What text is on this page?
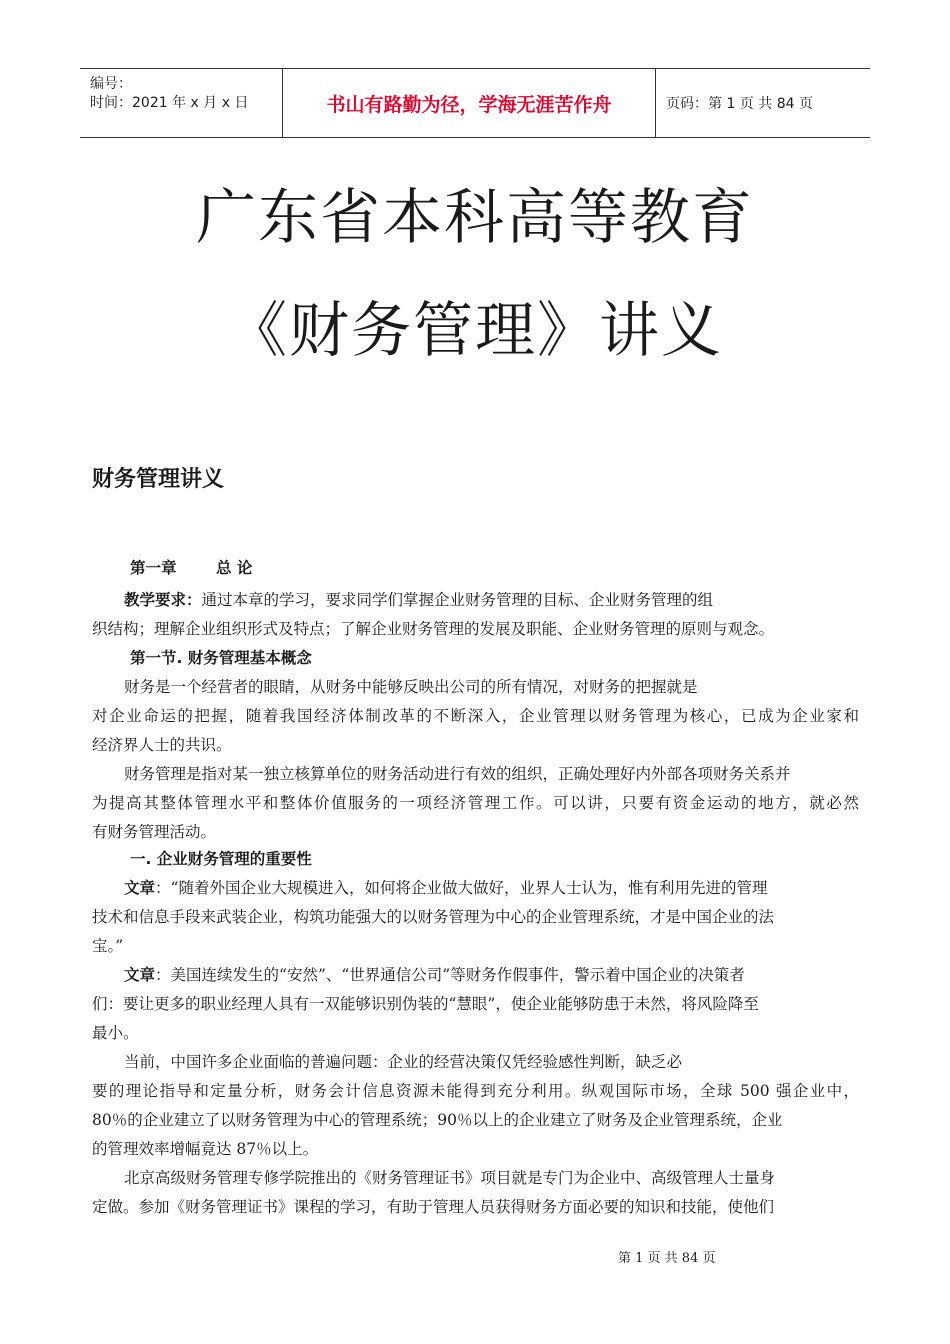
编号：
时间：2021 年 x 月 x 日	书山有路勤为径，学海无涯苦作舟	页码：第 1 页 共 84 页
广东省本科高等教育
《财务管理》讲义
财务管理讲义
第一章	总 论
教学要求：通过本章的学习，要求同学们掌握企业财务管理的目标、企业财务管理的组
织结构；理解企业组织形式及特点；了解企业财务管理的发展及职能、企业财务管理的原则与观念。
第一节. 财务管理基本概念
财务是一个经营者的眼睛，从财务中能够反映出公司的所有情况，对财务的把握就是
对企业命运的把握，随着我国经济体制改革的不断深入，企业管理以财务管理为核心，已成为企业家和
经济界人士的共识。
财务管理是指对某一独立核算单位的财务活动进行有效的组织，正确处理好内外部各项财务关系并
为提高其整体管理水平和整体价值服务的一项经济管理工作。可以讲，只要有资金运动的地方，就必然
有财务管理活动。
一. 企业财务管理的重要性
文章：“随着外国企业大规模进入，如何将企业做大做好，业界人士认为，惟有利用先进的管理
技术和信息手段来武装企业，构筑功能强大的以财务管理为中心的企业管理系统，才是中国企业的法
宝。”
文章：美国连续发生的“安然”、“世界通信公司”等财务作假事件，警示着中国企业的决策者
们：要让更多的职业经理人具有一双能够识别伪装的“慧眼”，使企业能够防患于未然，将风险降至
最小。
当前，中国许多企业面临的普遍问题：企业的经营决策仅凭经验感性判断，缺乏必
要的理论指导和定量分析，财务会计信息资源未能得到充分利用。纵观国际市场，全球 500 强企业中，
80％的企业建立了以财务管理为中心的管理系统；90％以上的企业建立了财务及企业管理系统，企业
的管理效率增幅竟达 87％以上。
北京高级财务管理专修学院推出的《财务管理证书》项目就是专门为企业中、高级管理人士量身
定做。参加《财务管理证书》课程的学习，有助于管理人员获得财务方面必要的知识和技能，使他们
第 1 页 共 84 页
